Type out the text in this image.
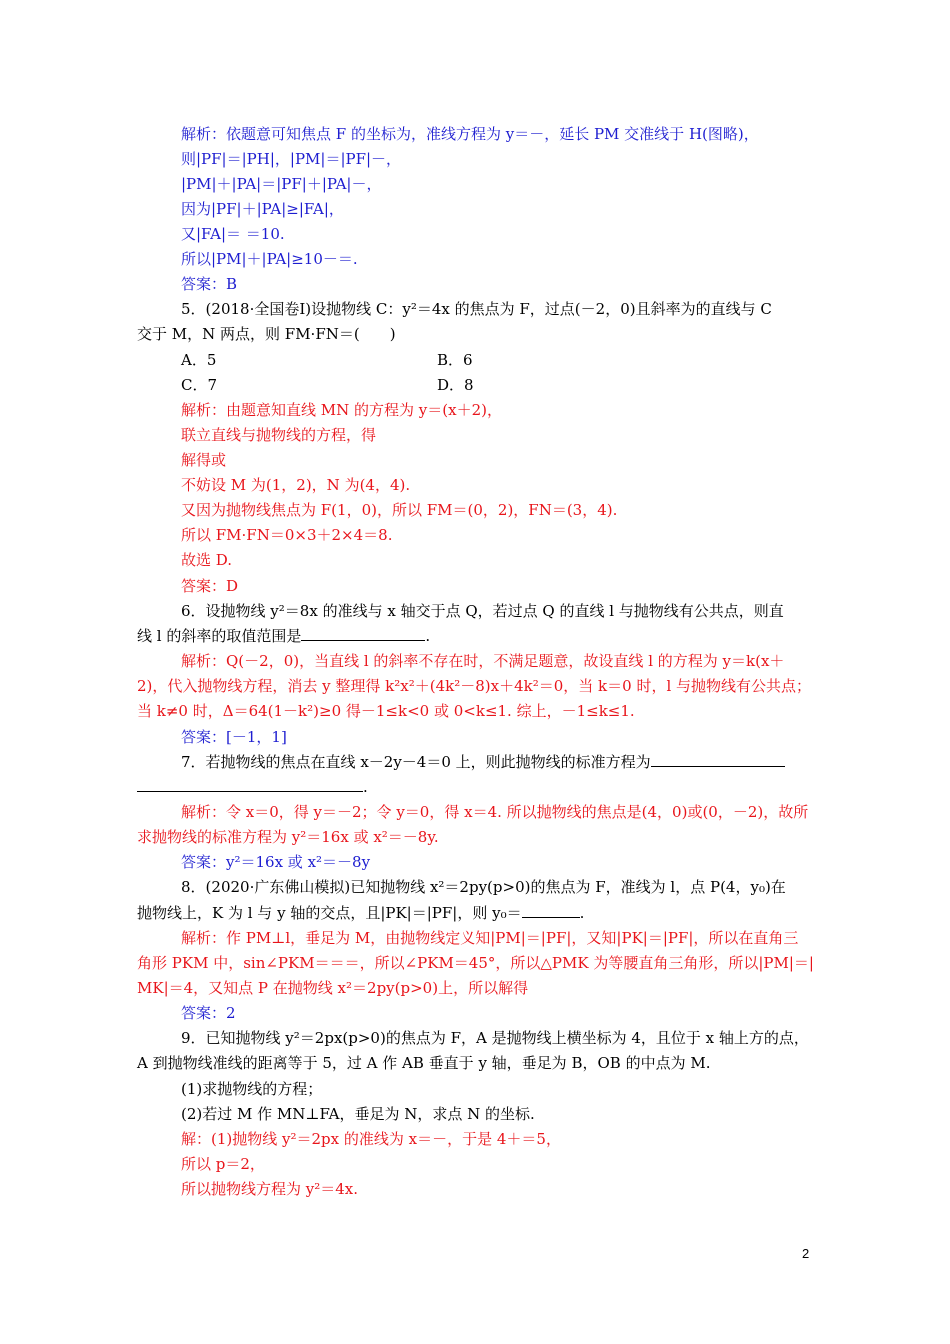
解析：依题意可知焦点 F 的坐标为，准线方程为 y＝－，延长 PM 交准线于 H(图略)，
则|PF|＝|PH|，|PM|＝|PF|－，
|PM|＋|PA|＝|PF|＋|PA|－，
因为|PF|＋|PA|≥|FA|，
又|FA|＝ ＝10.
所以|PM|＋|PA|≥10－＝.
答案：B
5．(2018·全国卷Ⅰ)设抛物线 C：y²＝4x 的焦点为 F，过点(－2，0)且斜率为的直线与 C
交于 M，N 两点，则 FM·FN＝(　　)
A．5	B．6
C．7	D．8
解析：由题意知直线 MN 的方程为 y＝(x＋2)，
联立直线与抛物线的方程，得
解得或
不妨设 M 为(1，2)，N 为(4，4).
又因为抛物线焦点为 F(1，0)，所以 FM＝(0，2)，FN＝(3，4).
所以 FM·FN＝0×3＋2×4＝8.
故选 D.
答案：D
6．设抛物线 y²＝8x 的准线与 x 轴交于点 Q，若过点 Q 的直线 l 与抛物线有公共点，则直
线 l 的斜率的取值范围是	.
解析：Q(－2，0)，当直线 l 的斜率不存在时，不满足题意，故设直线 l 的方程为 y＝k(x＋
2)，代入抛物线方程，消去 y 整理得 k²x²＋(4k²－8)x＋4k²＝0，当 k＝0 时，l 与抛物线有公共点；
当 k≠0 时，Δ＝64(1－k²)≥0 得－1≤k<0 或 0<k≤1. 综上，－1≤k≤1.
答案：[－1，1]
7．若抛物线的焦点在直线 x－2y－4＝0 上，则此抛物线的标准方程为
.
解析：令 x＝0，得 y＝－2；令 y＝0，得 x＝4. 所以抛物线的焦点是(4，0)或(0，－2)，故所
求抛物线的标准方程为 y²＝16x 或 x²＝－8y.
答案：y²＝16x 或 x²＝－8y
8．(2020·广东佛山模拟)已知抛物线 x²＝2py(p>0)的焦点为 F，准线为 l，点 P(4，y₀)在
抛物线上，K 为 l 与 y 轴的交点，且|PK|＝|PF|，则 y₀＝	.
解析：作 PM⊥l，垂足为 M，由抛物线定义知|PM|＝|PF|，又知|PK|＝|PF|，所以在直角三
角形 PKM 中，sin∠PKM＝＝＝，所以∠PKM＝45°，所以△PMK 为等腰直角三角形，所以|PM|＝|
MK|＝4，又知点 P 在抛物线 x²＝2py(p>0)上，所以解得
答案：2
9．已知抛物线 y²＝2px(p>0)的焦点为 F，A 是抛物线上横坐标为 4，且位于 x 轴上方的点，
A 到抛物线准线的距离等于 5，过 A 作 AB 垂直于 y 轴，垂足为 B，OB 的中点为 M.
(1)求抛物线的方程；
(2)若过 M 作 MN⊥FA，垂足为 N，求点 N 的坐标.
解：(1)抛物线 y²＝2px 的准线为 x＝－，于是 4＋＝5，
所以 p＝2，
所以抛物线方程为 y²＝4x.
2
